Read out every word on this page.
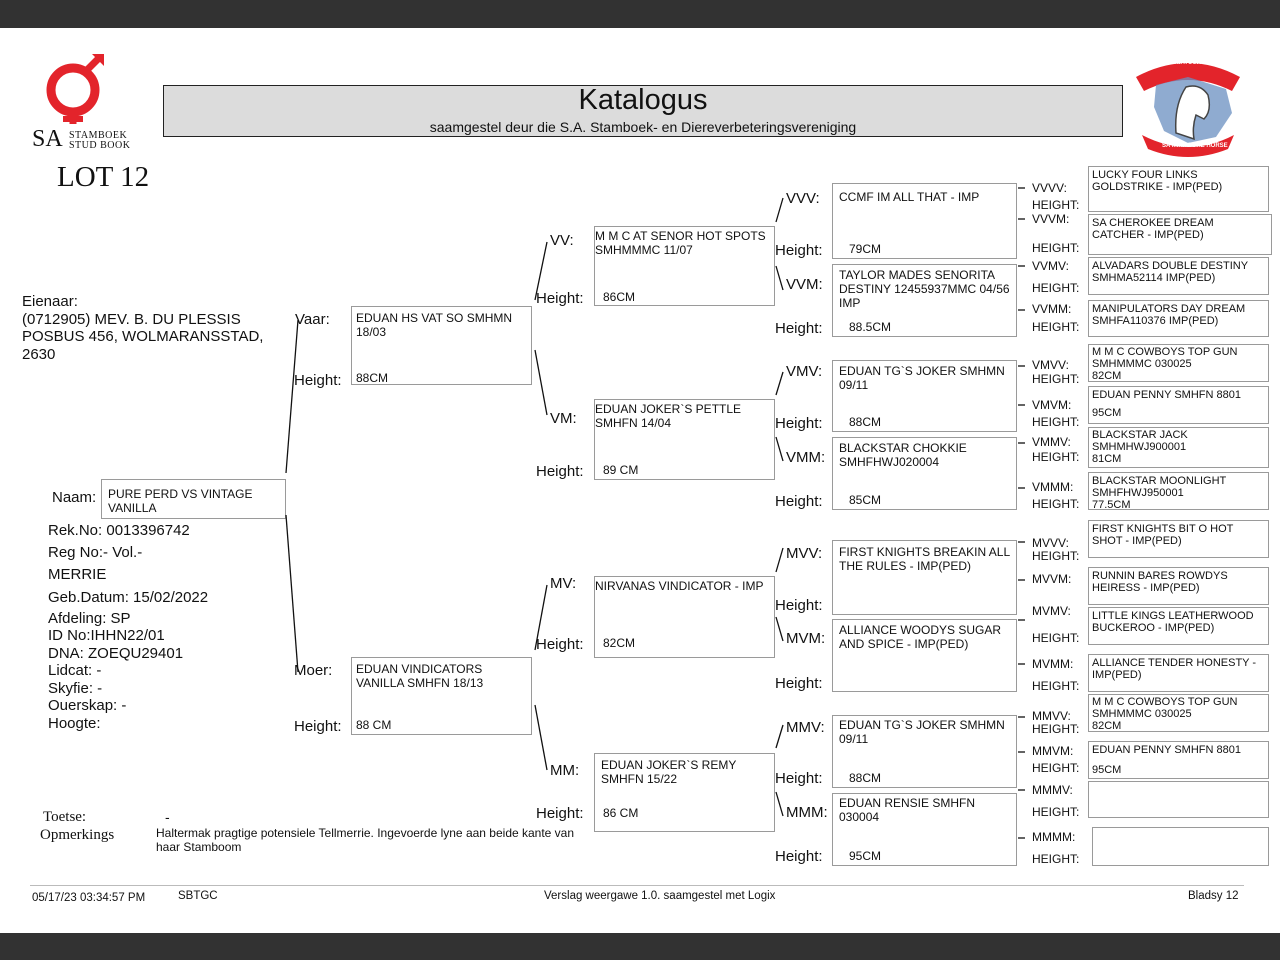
SA STAMBOEK
STUD BOOK
Katalogus
saamgestel deur die S.A. Stamboek- en Diereverbeteringsvereniging
SA MINIATUUR PERD
SA MINIATURE HORSE
LOT 12
Eienaar:
(0712905) MEV. B. DU PLESSIS
POSBUS 456, WOLMARANSSTAD,
2630
Naam: PURE PERD VS VINTAGE VANILLA
Rek.No: 0013396742
Reg No:- Vol.-
MERRIE
Geb.Datum: 15/02/2022
Afdeling: SP
ID No:IHHN22/01
DNA: ZOEQU29401
Lidcat: -
Skyfie: -
Ouerskap: -
Hoogte:
Vaar:
Height:
EDUAN HS VAT SO SMHMN 18/03
88CM
Moer:
Height:
EDUAN VINDICATORS VANILLA SMHFN 18/13
88 CM
VV:
Height:
M M C AT SENOR HOT SPOTS SMHMMMC 11/07
86CM
VM:
Height:
EDUAN JOKER`S PETTLE SMHFN 14/04
89 CM
MV:
Height:
NIRVANAS VINDICATOR - IMP
82CM
MM:
Height:
EDUAN JOKER`S REMY SMHFN 15/22
86 CM
VVV:
Height:
CCMF IM ALL THAT - IMP
79CM
VVM:
Height:
TAYLOR MADES SENORITA DESTINY 12455937MMC 04/56 IMP
88.5CM
VMV:
Height:
EDUAN TG`S JOKER SMHMN 09/11
88CM
VMM:
Height:
BLACKSTAR CHOKKIE SMHFHWJ020004
85CM
MVV:
Height:
FIRST KNIGHTS BREAKIN ALL THE RULES - IMP(PED)
MVM:
Height:
ALLIANCE WOODYS SUGAR AND SPICE - IMP(PED)
MMV:
Height:
EDUAN TG`S JOKER SMHMN 09/11
88CM
MMM:
Height:
EDUAN RENSIE SMHFN 030004
95CM
VVVV:
HEIGHT:
VVVM:
HEIGHT:
VVMV:
HEIGHT:
VVMM:
HEIGHT:
VMVV:
HEIGHT:
VMVM:
HEIGHT:
VMMV:
HEIGHT:
VMMM:
HEIGHT:
MVVV:
HEIGHT:
MVVM:
MVMV:
HEIGHT:
MVMM:
HEIGHT:
MMVV:
HEIGHT:
MMVM:
HEIGHT:
MMMV:
HEIGHT:
MMMM:
HEIGHT:
LUCKY FOUR LINKS GOLDSTRIKE - IMP(PED)
SA CHEROKEE DREAM CATCHER - IMP(PED)
ALVADARS DOUBLE DESTINY SMHMA52114 IMP(PED)
MANIPULATORS DAY DREAM SMHFA110376 IMP(PED)
M M C COWBOYS TOP GUN SMHMMMC 030025
82CM
EDUAN PENNY SMHFN 8801
95CM
BLACKSTAR JACK SMHMHWJ900001
81CM
BLACKSTAR MOONLIGHT SMHFHWJ950001
77.5CM
FIRST KNIGHTS BIT O HOT SHOT - IMP(PED)
RUNNIN BARES ROWDYS HEIRESS - IMP(PED)
LITTLE KINGS LEATHERWOOD BUCKEROO - IMP(PED)
ALLIANCE TENDER HONESTY - IMP(PED)
M M C COWBOYS TOP GUN SMHMMMC 030025
82CM
EDUAN PENNY SMHFN 8801
95CM
Toetse:	-
Opmerkings	Haltermak pragtige potensiele Tellmerrie. Ingevoerde lyne aan beide kante van haar Stamboom
05/17/23 03:34:57 PM	SBTGC	Verslag weergawe 1.0. saamgestel met Logix	Bladsy 12
